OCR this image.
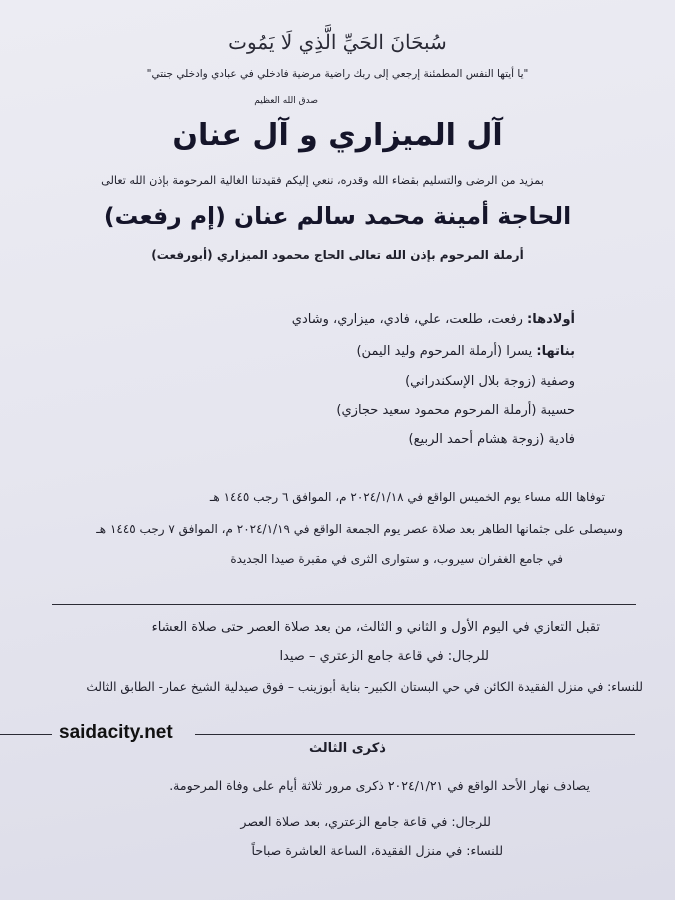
سُبحَانَ الحَيِّ الَّذِي لَا يَمُوت
"يا أيتها النفس المطمئنة إرجعي إلى ربك راضية مرضية فادخلي في عبادي وادخلي جنتي"
صدق الله العظيم
آل الميزاري و آل عنان
بمزيد من الرضى والتسليم بقضاء الله وقدره، ننعي إليكم فقيدتنا الغالية المرحومة بإذن الله تعالى
الحاجة أمينة محمد سالم عنان (إم رفعت)
أرملة المرحوم بإذن الله تعالى الحاج محمود الميزاري (أبورفعت)
أولادها: رفعت، طلعت، علي، فادي، ميزاري، وشادي
بناتها: يسرا (أرملة المرحوم وليد اليمن)
وصفية (زوجة بلال الإسكندراني)
حسيبة (أرملة المرحوم محمود سعيد حجازي)
فادية (زوجة هشام أحمد الربيع)
توفاها الله مساء يوم الخميس الواقع في ٢٠٢٤/١/١٨ م، الموافق ٦ رجب ١٤٤٥ هـ
وسيصلى على جثمانها الطاهر بعد صلاة عصر يوم الجمعة الواقع في ٢٠٢٤/١/١٩ م، الموافق ٧ رجب ١٤٤٥ هـ
في جامع الغفران سيروب، و ستوارى الثرى في مقبرة صيدا الجديدة
تقبل التعازي في اليوم الأول و الثاني و الثالث، من بعد صلاة العصر حتى صلاة العشاء
للرجال: في قاعة جامع الزعتري – صيدا
للنساء: في منزل الفقيدة الكائن في حي البستان الكبير- بناية أبوزينب – فوق صيدلية الشيخ عمار- الطابق الثالث
saidacity.net
ذكرى الثالث
يصادف نهار الأحد الواقع في ٢٠٢٤/١/٢١ ذكرى مرور ثلاثة أيام على وفاة المرحومة.
للرجال: في قاعة جامع الزعتري، بعد صلاة العصر
للنساء: في منزل الفقيدة، الساعة العاشرة صباحاً
